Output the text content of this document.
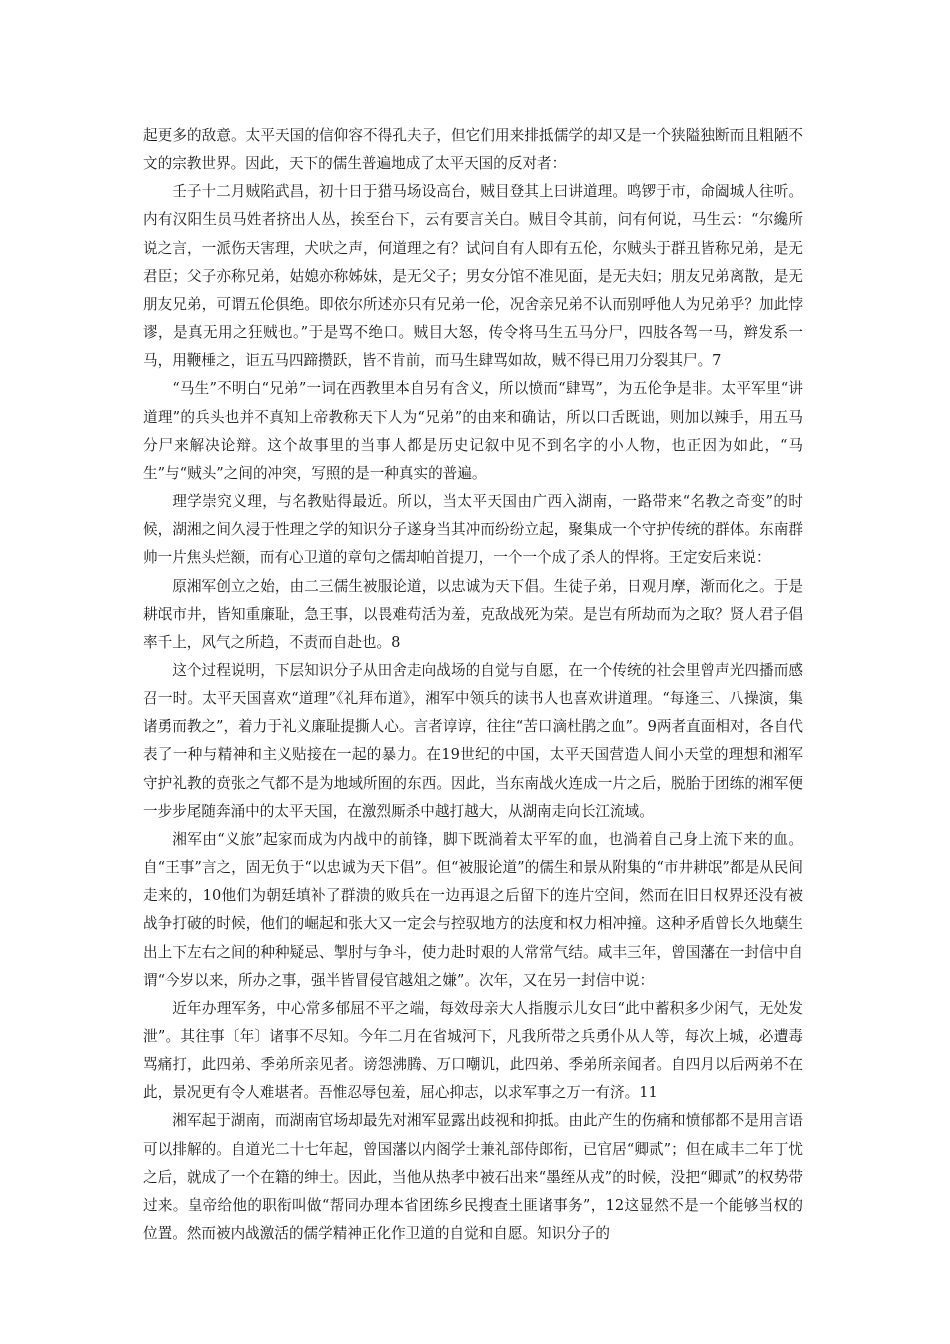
起更多的敌意。太平天国的信仰容不得孔夫子，但它们用来排抵儒学的却又是一个狭隘独断而且粗陋不文的宗教世界。因此，天下的儒生普遍地成了太平天国的反对者：

壬子十二月贼陷武昌，初十日于猎马场设高台，贼目登其上曰讲道理。鸣锣于市，命阖城人往听。内有汉阳生员马姓者挤出人丛，挨至台下，云有要言关白。贼目令其前，问有何说，马生云：“尔纔所说之言，一派伤天害理，犬吠之声，何道理之有？试问自有人即有五伦，尔贼头于群丑皆称兄弟，是无君臣；父子亦称兄弟，姑媳亦称姊妹，是无父子；男女分馆不准见面，是无夫妇；朋友兄弟离散，是无朋友兄弟，可谓五伦俱绝。即依尔所述亦只有兄弟一伦，况舍亲兄弟不认而别呼他人为兄弟乎？加此悖谬，是真无用之狂贼也。”于是骂不绝口。贼目大怒，传令将马生五马分尸，四肢各驾一马，辫发系一马，用鞭棰之，讵五马四蹄攒跃，皆不肯前，而马生肆骂如故，贼不得已用刀分裂其尸。7

“马生”不明白“兄弟”一词在西教里本自另有含义，所以愤而“肆骂”，为五伦争是非。太平军里“讲道理”的兵头也并不真知上帝教称天下人为“兄弟”的由来和确诂，所以口舌既诎，则加以辣手，用五马分尸来解决论辩。这个故事里的当事人都是历史记叙中见不到名字的小人物，也正因为如此，“马生”与“贼头”之间的冲突，写照的是一种真实的普遍。

理学崇究义理，与名教贴得最近。所以，当太平天国由广西入湖南，一路带来“名教之奇变”的时候，湖湘之间久浸于性理之学的知识分子遂身当其冲而纷纷立起，聚集成一个守护传统的群体。东南群帅一片焦头烂额，而有心卫道的章句之儒却帕首提刀，一个一个成了杀人的悍将。王定安后来说：

原湘军创立之始，由二三儒生被服论道，以忠诚为天下倡。生徒子弟，日观月摩，渐而化之。于是耕氓市井，皆知重廉耻，急王事，以畏难苟活为羞，克敌战死为荣。是岂有所劫而为之取？贤人君子倡率千上，风气之所趋，不责而自赴也。8

这个过程说明，下层知识分子从田舍走向战场的自觉与自愿，在一个传统的社会里曾声光四播而感召一时。太平天国喜欢“道理”《礼拜布道》，湘军中领兵的读书人也喜欢讲道理。“每逢三、八操演，集诸勇而教之”，着力于礼义廉耻提撕人心。言者谆谆，往往“苦口滴杜鹃之血”。9两者直面相对，各自代表了一种与精神和主义贴接在一起的暴力。在19世纪的中国，太平天国营造人间小天堂的理想和湘军守护礼教的贲张之气都不是为地域所囿的东西。因此，当东南战火连成一片之后，脱胎于团练的湘军便一步步尾随奔涌中的太平天国，在激烈厮杀中越打越大，从湖南走向长江流域。

湘军由“义旅”起家而成为内战中的前锋，脚下既淌着太平军的血，也淌着自己身上流下来的血。自“王事”言之，固无负于“以忠诚为天下倡”。但“被服论道”的儒生和景从附集的“市井耕氓”都是从民间走来的，10他们为朝廷填补了群溃的败兵在一边再退之后留下的连片空间，然而在旧日权界还没有被战争打破的时候，他们的崛起和张大又一定会与控驭地方的法度和权力相冲撞。这种矛盾曾长久地蘖生出上下左右之间的种种疑忌、掣肘与争斗，使力赴时艰的人常常气结。咸丰三年，曾国藩在一封信中自谓“今岁以来，所办之事，强半皆冒侵官越俎之嫌”。次年，又在另一封信中说：

近年办理军务，中心常多郁屈不平之端，每效母亲大人指腹示儿女曰“此中蓄积多少闲气，无处发泄”。其往事〔年〕诸事不尽知。今年二月在省城河下，凡我所带之兵勇仆从人等，每次上城，必遭毒骂痛打，此四弟、季弟所亲见者。谤怨沸腾、万口嘲讥，此四弟、季弟所亲闻者。自四月以后两弟不在此，景况更有令人难堪者。吾惟忍辱包羞，屈心抑志，以求军事之万一有济。11

湘军起于湖南，而湖南官场却最先对湘军显露出歧视和抑抵。由此产生的伤痛和愤郁都不是用言语可以排解的。自道光二十七年起，曾国藩以内阁学士兼礼部侍郎衔，已官居“卿贰”；但在咸丰二年丁忧之后，就成了一个在籍的绅士。因此，当他从热孝中被石出来“墨绖从戎”的时候，没把“卿贰”的权势带过来。皇帝给他的职衔叫做“帮同办理本省团练乡民搜查土匪诸事务”，12这显然不是一个能够当权的位置。然而被内战激活的儒学精神正化作卫道的自觉和自愿。知识分子的
